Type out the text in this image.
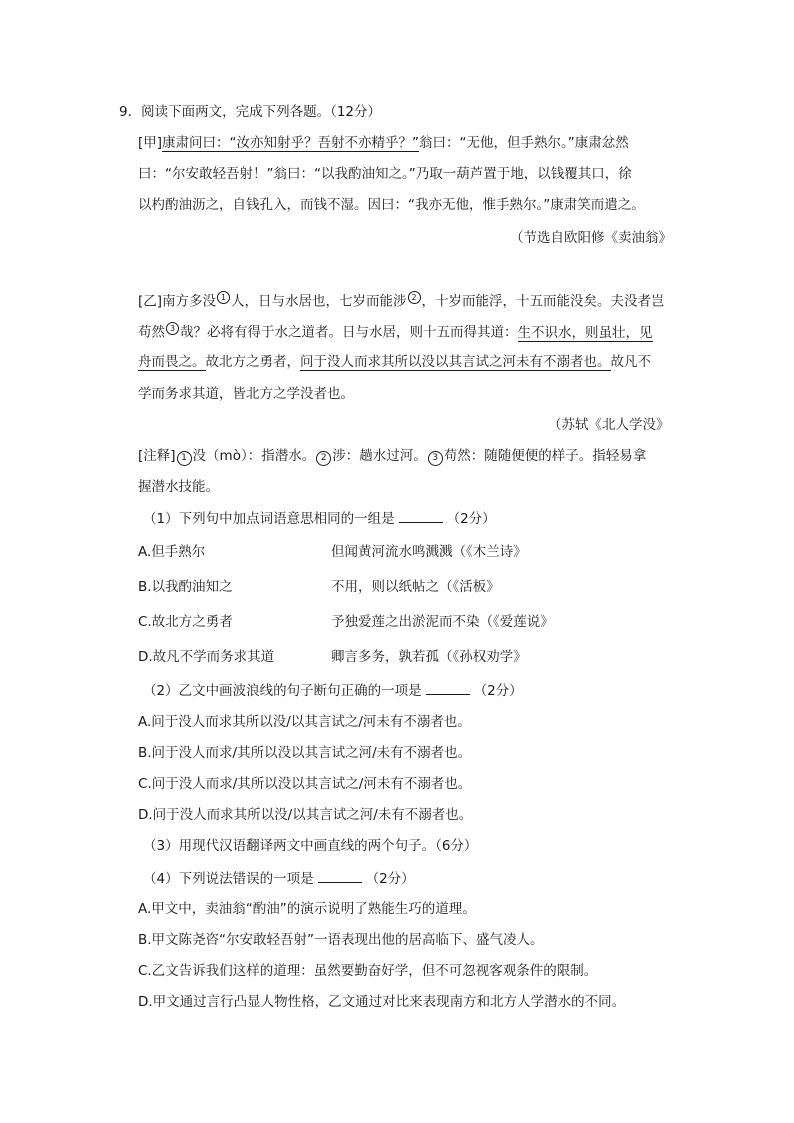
9．阅读下面两文，完成下列各题。（12分）
[甲]康肃问曰：“汝亦知射乎？吾射不亦精乎？”翁曰：“无他，但手熟尔。”康肃忿然
曰：“尔安敢轻吾射！”翁曰：“以我酌油知之。”乃取一葫芦置于地，以钱覆其口，徐
以杓酌油沥之，自钱孔入，而钱不湿。因曰：“我亦无他，惟手熟尔。”康肃笑而遣之。
（节选自欧阳修《卖油翁》
[乙]南方多没 1 人，日与水居也，七岁而能涉 2 ，十岁而能浮，十五而能没矣。夫没者岂
苟然 3 哉？必将有得于水之道者。日与水居，则十五而得其道：生不识水，则虽壮，见
舟而畏之。故北方之勇者，问于没人而求其所以没以其言试之河未有不溺者也。故凡不
学而务求其道，皆北方之学没者也。
（苏轼《北人学没》
[注释] 1 没（mò）：指潜水。 2 涉：趟水过河。 3 苟然：随随便便的样子。指轻易拿
握潜水技能。
（1）下列句中加点词语意思相同的一组是	（2分）
A.但手熟尔	但闻黄河流水鸣溅溅（《木兰诗》
B.以我酌油知之	不用，则以纸帖之（《活板》
C.故北方之勇者	予独爱莲之出淤泥而不染（《爱莲说》
D.故凡不学而务求其道	卿言多务，孰若孤（《孙权劝学》
（2）乙文中画波浪线的句子断句正确的一项是	（2分）
A.问于没人而求其所以没/以其言试之/河未有不溺者也。
B.问于没人而求/其所以没以其言试之河/未有不溺者也。
C.问于没人而求/其所以没以其言试之/河未有不溺者也。
D.问于没人而求其所以没/以其言试之河/未有不溺者也。
（3）用现代汉语翻译两文中画直线的两个句子。（6分）
（4）下列说法错误的一项是	（2分）
A.甲文中，卖油翁“酌油”的演示说明了熟能生巧的道理。
B.甲文陈尧咨“尔安敢轻吾射”一语表现出他的居高临下、盛气凌人。
C.乙文告诉我们这样的道理：虽然要勤奋好学，但不可忽视客观条件的限制。
D.甲文通过言行凸显人物性格，乙文通过对比来表现南方和北方人学潜水的不同。
